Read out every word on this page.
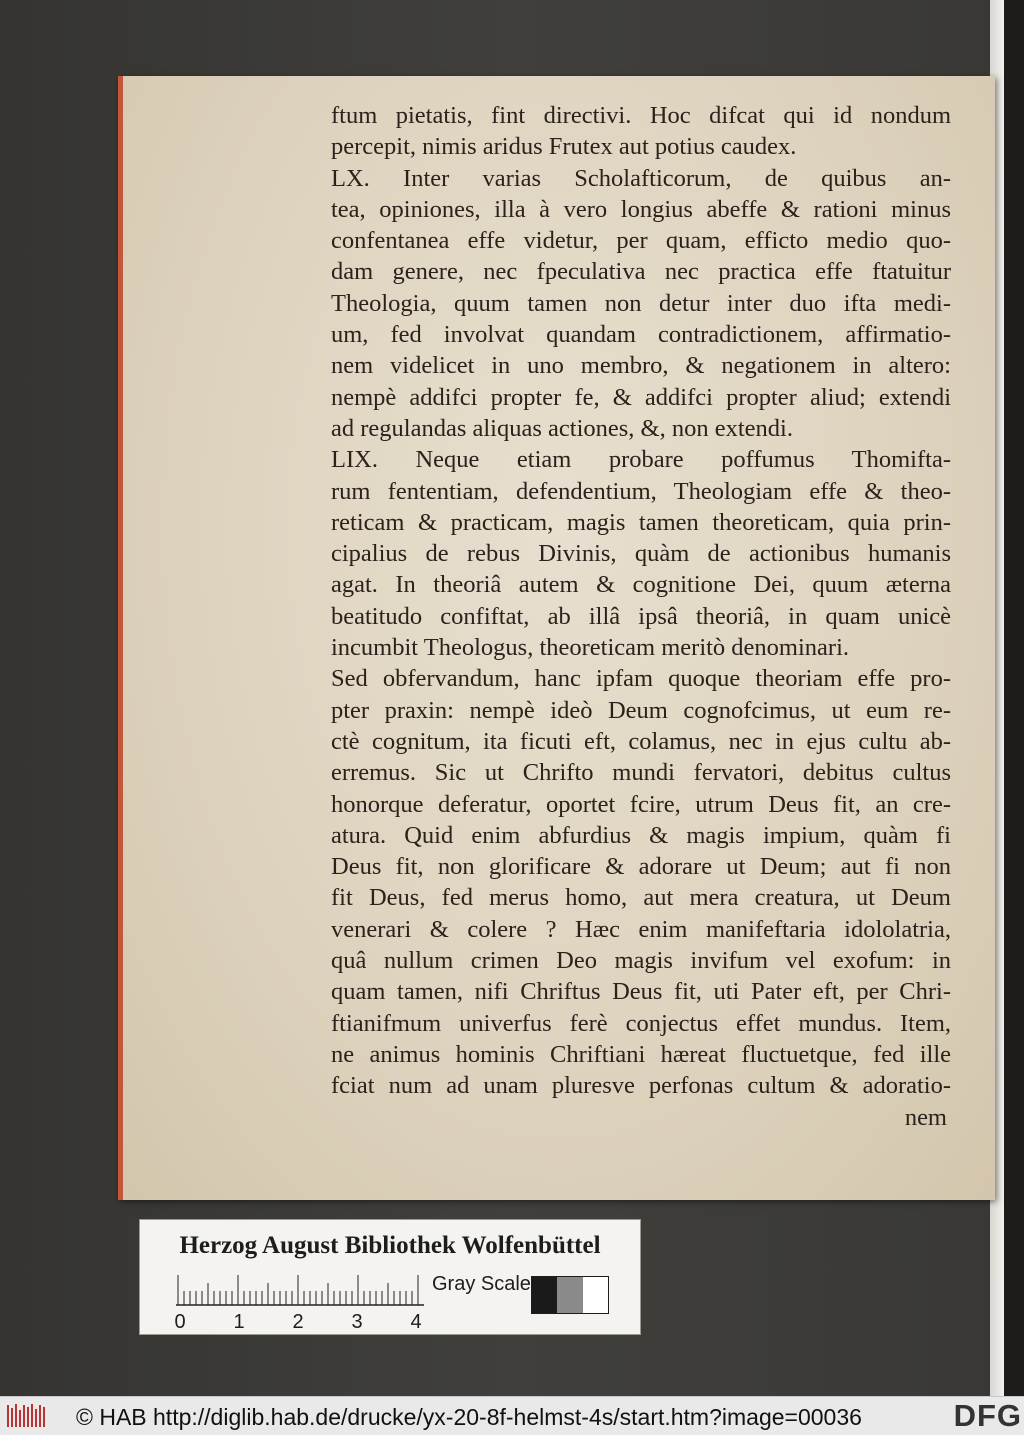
ftum pietatis, fint directivi. Hoc difcat qui id nondum
percepit, nimis aridus Frutex aut potius caudex.
LX. Inter varias Scholafticorum, de quibus an-
tea, opiniones, illa à vero longius abeffe & rationi minus
confentanea effe videtur, per quam, efficto medio quo-
dam genere, nec fpeculativa nec practica effe ftatuitur
Theologia, quum tamen non detur inter duo ifta medi-
um, fed involvat quandam contradictionem, affirmatio-
nem videlicet in uno membro, & negationem in altero:
nempè addifci propter fe, & addifci propter aliud; extendi
ad regulandas aliquas actiones, &, non extendi.
LIX. Neque etiam probare poffumus Thomifta-
rum fententiam, defendentium, Theologiam effe & theo-
reticam & practicam, magis tamen theoreticam, quia prin-
cipalius de rebus Divinis, quàm de actionibus humanis
agat. In theoriâ autem & cognitione Dei, quum æterna
beatitudo confiftat, ab illâ ipsâ theoriâ, in quam unicè
incumbit Theologus, theoreticam meritò denominari.
Sed obfervandum, hanc ipfam quoque theoriam effe pro-
pter praxin: nempè ideò Deum cognofcimus, ut eum re-
ctè cognitum, ita ficuti eft, colamus, nec in ejus cultu ab-
erremus. Sic ut Chrifto mundi fervatori, debitus cultus
honorque deferatur, oportet fcire, utrum Deus fit, an cre-
atura. Quid enim abfurdius & magis impium, quàm fi
Deus fit, non glorificare & adorare ut Deum; aut fi non
fit Deus, fed merus homo, aut mera creatura, ut Deum
venerari & colere ? Hæc enim manifeftaria idololatria,
quâ nullum crimen Deo magis invifum vel exofum: in
quam tamen, nifi Chriftus Deus fit, uti Pater eft, per Chri-
ftianifmum univerfus ferè conjectus effet mundus. Item,
ne animus hominis Chriftiani hæreat fluctuetque, fed ille
fciat num ad unam pluresve perfonas cultum & adoratio-
nem
Herzog August Bibliothek Wolfenbüttel
0 1 2 3 4
Gray Scale
© HAB http://diglib.hab.de/drucke/yx-20-8f-helmst-4s/start.htm?image=00036	DFG
